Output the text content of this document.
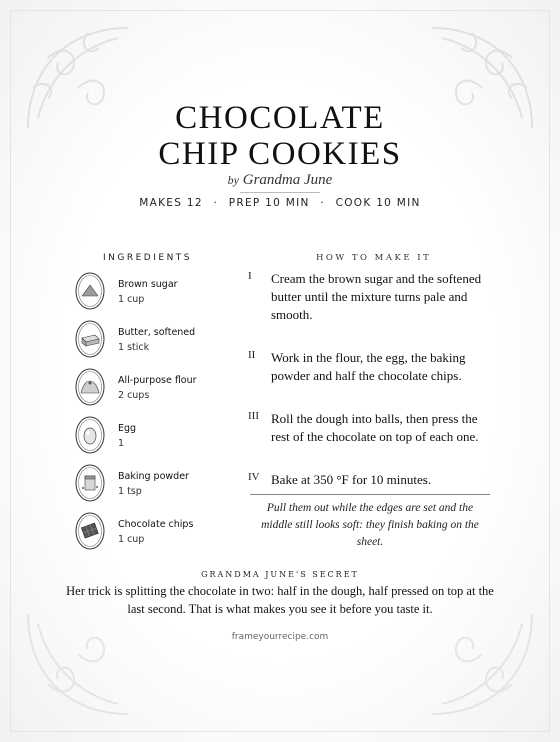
CHOCOLATE
CHIP COOKIES
by Grandma June
MAKES 12 · PREP 10 MIN · COOK 10 MIN
INGREDIENTS
Brown sugar
1 cup
Butter, softened
1 stick
All-purpose flour
2 cups
Egg
1
Baking powder
1 tsp
Chocolate chips
1 cup
HOW TO MAKE IT
I Cream the brown sugar and the softened butter until the mixture turns pale and smooth.
II Work in the flour, the egg, the baking powder and half the chocolate chips.
III Roll the dough into balls, then press the rest of the chocolate on top of each one.
IV Bake at 350 °F for 10 minutes.
Pull them out while the edges are set and the middle still looks soft: they finish baking on the sheet.
GRANDMA JUNE'S SECRET
Her trick is splitting the chocolate in two: half in the dough, half pressed on top at the last second. That is what makes you see it before you taste it.
frameyourrecipe.com
